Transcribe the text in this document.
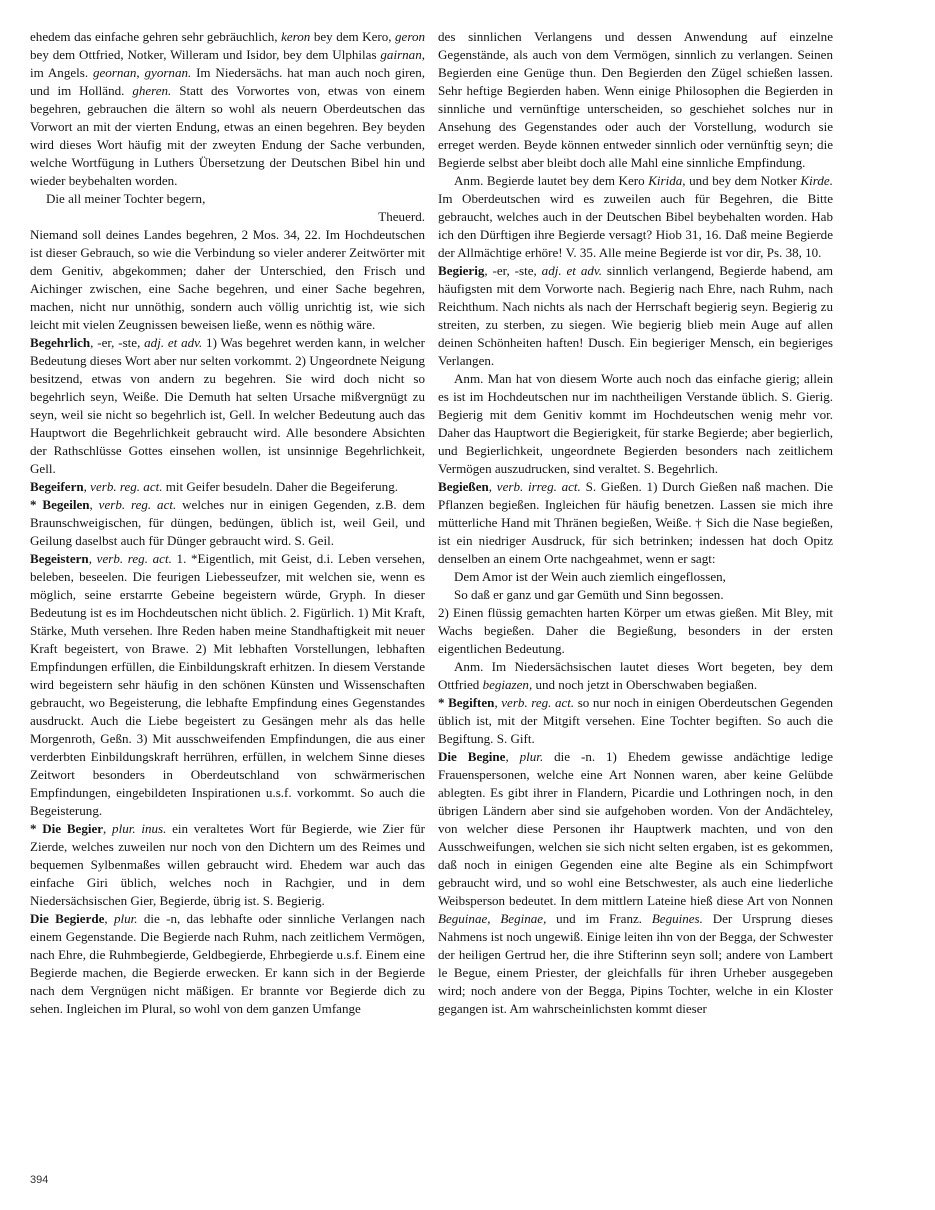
ehedem das einfache gehren sehr gebräuchlich, keron bey dem Kero, geron bey dem Ottfried, Notker, Willeram und Isidor, bey dem Ulphilas gairnan, im Angels. geornan, gyornan. Im Niedersächs. hat man auch noch giren, und im Holländ. gheren. Statt des Vorwortes von, etwas von einem begehren, gebrauchen die ältern so wohl als neuern Oberdeutschen das Vorwort an mit der vierten Endung, etwas an einen begehren. Bey beyden wird dieses Wort häufig mit der zweyten Endung der Sache verbunden, welche Wortfügung in Luthers Übersetzung der Deutschen Bibel hin und wieder beybehalten worden.

Die all meiner Tochter begern,

Theuerd.

Niemand soll deines Landes begehren, 2 Mos. 34, 22. Im Hochdeutschen ist dieser Gebrauch, so wie die Verbindung so vieler anderer Zeitwörter mit dem Genitiv, abgekommen; daher der Unterschied, den Frisch und Aichinger zwischen, eine Sache begehren, und einer Sache begehren, machen, nicht nur unnöthig, sondern auch völlig unrichtig ist, wie sich leicht mit vielen Zeugnissen beweisen ließe, wenn es nöthig wäre.

Begehrlich, -er, -ste, adj. et adv. 1) Was begehret werden kann, in welcher Bedeutung dieses Wort aber nur selten vorkommt. 2) Ungeordnete Neigung besitzend, etwas von andern zu begehren. Sie wird doch nicht so begehrlich seyn, Weiße. Die Demuth hat selten Ursache mißvergnügt zu seyn, weil sie nicht so begehrlich ist, Gell. In welcher Bedeutung auch das Hauptwort die Begehrlichkeit gebraucht wird. Alle besondere Absichten der Rathschlüsse Gottes einsehen wollen, ist unsinnige Begehrlichkeit, Gell.

Begeifern, verb. reg. act. mit Geifer besudeln. Daher die Begeiferung.

* Begeilen, verb. reg. act. welches nur in einigen Gegenden, z.B. dem Braunschweigischen, für düngen, bedüngen, üblich ist, weil Geil, und Geilung daselbst auch für Dünger gebraucht wird. S. Geil.

Begeistern, verb. reg. act. 1. *Eigentlich, mit Geist, d.i. Leben versehen, beleben, beseelen. Die feurigen Liebesseufzer, mit welchen sie, wenn es möglich, seine erstarrte Gebeine begeistern würde, Gryph. In dieser Bedeutung ist es im Hochdeutschen nicht üblich. 2. Figürlich. 1) Mit Kraft, Stärke, Muth versehen. Ihre Reden haben meine Standhaftigkeit mit neuer Kraft begeistert, von Brawe. 2) Mit lebhaften Vorstellungen, lebhaften Empfindungen erfüllen, die Einbildungskraft erhitzen. In diesem Verstande wird begeistern sehr häufig in den schönen Künsten und Wissenschaften gebraucht, wo Begeisterung, die lebhafte Empfindung eines Gegenstandes ausdruckt. Auch die Liebe begeistert zu Gesängen mehr als das helle Morgenroth, Geßn. 3) Mit ausschweifenden Empfindungen, die aus einer verderbten Einbildungskraft herrühren, erfüllen, in welchem Sinne dieses Zeitwort besonders in Oberdeutschland von schwärmerischen Empfindungen, eingebildeten Inspirationen u.s.f. vorkommt. So auch die Begeisterung.

* Die Begier, plur. inus. ein veraltetes Wort für Begierde, wie Zier für Zierde, welches zuweilen nur noch von den Dichtern um des Reimes und bequemen Sylbenmaßes willen gebraucht wird. Ehedem war auch das einfache Giri üblich, welches noch in Rachgier, und in dem Niedersächsischen Gier, Begierde, übrig ist. S. Begierig.

Die Begierde, plur. die -n, das lebhafte oder sinnliche Verlangen nach einem Gegenstande. Die Begierde nach Ruhm, nach zeitlichem Vermögen, nach Ehre, die Ruhmbegierde, Geldbegierde, Ehrbegierde u.s.f. Einem eine Begierde machen, die Begierde erwecken. Er kann sich in der Begierde nach dem Vergnügen nicht mäßigen. Er brannte vor Begierde dich zu sehen. Ingleichen im Plural, so wohl von dem ganzen Umfange

des sinnlichen Verlangens und dessen Anwendung auf einzelne Gegenstände, als auch von dem Vermögen, sinnlich zu verlangen. Seinen Begierden eine Genüge thun. Den Begierden den Zügel schießen lassen. Sehr heftige Begierden haben. Wenn einige Philosophen die Begierden in sinnliche und vernünftige unterscheiden, so geschiehet solches nur in Ansehung des Gegenstandes oder auch der Vorstellung, wodurch sie erreget werden. Beyde können entweder sinnlich oder vernünftig seyn; die Begierde selbst aber bleibt doch alle Mahl eine sinnliche Empfindung.

Anm. Begierde lautet bey dem Kero Kirida, und bey dem Notker Kirde. Im Oberdeutschen wird es zuweilen auch für Begehren, die Bitte gebraucht, welches auch in der Deutschen Bibel beybehalten worden. Hab ich den Dürftigen ihre Begierde versagt? Hiob 31, 16. Daß meine Begierde der Allmächtige erhöre! V. 35. Alle meine Begierde ist vor dir, Ps. 38, 10.

Begierig, -er, -ste, adj. et adv. sinnlich verlangend, Begierde habend, am häufigsten mit dem Vorworte nach. Begierig nach Ehre, nach Ruhm, nach Reichthum. Nach nichts als nach der Herrschaft begierig seyn. Begierig zu streiten, zu sterben, zu siegen. Wie begierig blieb mein Auge auf allen deinen Schönheiten haften! Dusch. Ein begieriger Mensch, ein begieriges Verlangen.

Anm. Man hat von diesem Worte auch noch das einfache gierig; allein es ist im Hochdeutschen nur im nachtheiligen Verstande üblich. S. Gierig. Begierig mit dem Genitiv kommt im Hochdeutschen wenig mehr vor. Daher das Hauptwort die Begierigkeit, für starke Begierde; aber begierlich, und Begierlichkeit, ungeordnete Begierden besonders nach zeitlichem Vermögen auszudrucken, sind veraltet. S. Begehrlich.

Begießen, verb. irreg. act. S. Gießen. 1) Durch Gießen naß machen. Die Pflanzen begießen. Ingleichen für häufig benetzen. Lassen sie mich ihre mütterliche Hand mit Thränen begießen, Weiße. † Sich die Nase begießen, ist ein niedriger Ausdruck, für sich betrinken; indessen hat doch Opitz denselben an einem Orte nachgeahmet, wenn er sagt:

Dem Amor ist der Wein auch ziemlich eingeflossen,

So daß er ganz und gar Gemüth und Sinn begossen.

2) Einen flüssig gemachten harten Körper um etwas gießen. Mit Bley, mit Wachs begießen. Daher die Begießung, besonders in der ersten eigentlichen Bedeutung.

Anm. Im Niedersächsischen lautet dieses Wort begeten, bey dem Ottfried begiazen, und noch jetzt in Oberschwaben begiaßen.

* Begiften, verb. reg. act. so nur noch in einigen Oberdeutschen Gegenden üblich ist, mit der Mitgift versehen. Eine Tochter begiften. So auch die Begiftung. S. Gift.

Die Begine, plur. die -n. 1) Ehedem gewisse andächtige ledige Frauenspersonen, welche eine Art Nonnen waren, aber keine Gelübde ablegten. Es gibt ihrer in Flandern, Picardie und Lothringen noch, in den übrigen Ländern aber sind sie aufgehoben worden. Von der Andächteley, von welcher diese Personen ihr Hauptwerk machten, und von den Ausschweifungen, welchen sie sich nicht selten ergaben, ist es gekommen, daß noch in einigen Gegenden eine alte Begine als ein Schimpfwort gebraucht wird, und so wohl eine Betschwester, als auch eine liederliche Weibsperson bedeutet. In dem mittlern Lateine hieß diese Art von Nonnen Beguinae, Beginae, und im Franz. Beguines. Der Ursprung dieses Nahmens ist noch ungewiß. Einige leiten ihn von der Begga, der Schwester der heiligen Gertrud her, die ihre Stifterinn seyn soll; andere von Lambert le Begue, einem Priester, der gleichfalls für ihren Urheber ausgegeben wird; noch andere von der Begga, Pipins Tochter, welche in ein Kloster gegangen ist. Am wahrscheinlichsten kommt dieser

394
